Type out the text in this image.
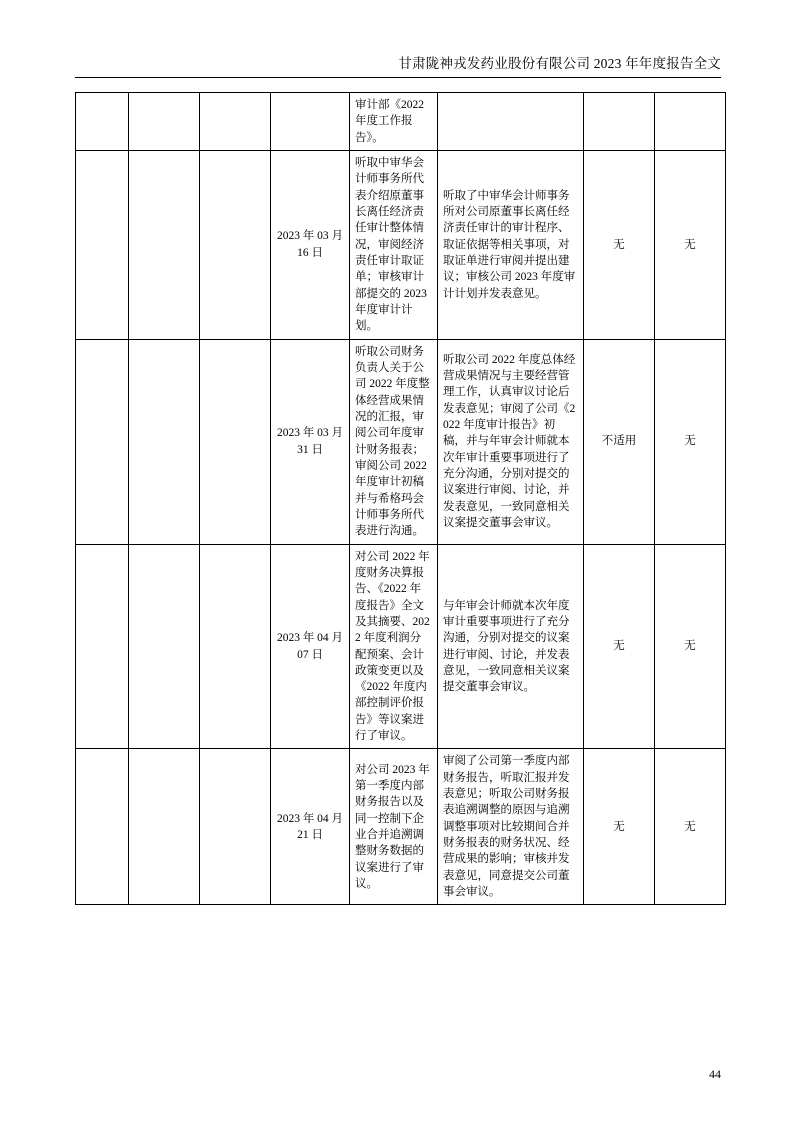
甘肃陇神戎发药业股份有限公司 2023 年年度报告全文
				审计部《2022 年度工作报告》。			
			2023 年 03 月 16 日	听取中审华会计师事务所代表介绍原董事长离任经济责任审计整体情况，审阅经济责任审计取证单；审核审计部提交的 2023 年度审计计划。	听取了中审华会计师事务所对公司原董事长离任经济责任审计的审计程序、取证依据等相关事项，对取证单进行审阅并提出建议；审核公司 2023 年度审计计划并发表意见。	无	无
			2023 年 03 月 31 日	听取公司财务负责人关于公司 2022 年度整体经营成果情况的汇报，审阅公司年度审计财务报表；审阅公司 2022 年度审计初稿并与希格玛会计师事务所代表进行沟通。	听取公司 2022 年度总体经营成果情况与主要经营管理工作，认真审议讨论后发表意见；审阅了公司《2022 年度审计报告》初稿，并与年审会计师就本次年审计重要事项进行了充分沟通，分别对提交的议案进行审阅、讨论，并发表意见，一致同意相关议案提交董事会审议。	不适用	无
			2023 年 04 月 07 日	对公司 2022 年度财务决算报告、《2022 年度报告》全文及其摘要、2022 年度利润分配预案、会计政策变更以及《2022 年度内部控制评价报告》等议案进行了审议。	与年审会计师就本次年度审计重要事项进行了充分沟通，分别对提交的议案进行审阅、讨论，并发表意见，一致同意相关议案提交董事会审议。	无	无
			2023 年 04 月 21 日	对公司 2023 年第一季度内部财务报告以及同一控制下企业合并追溯调整财务数据的议案进行了审议。	审阅了公司第一季度内部财务报告，听取汇报并发表意见；听取公司财务报表追溯调整的原因与追溯调整事项对比较期间合并财务报表的财务状况、经营成果的影响；审核并发表意见，同意提交公司董事会审议。	无	无
44
